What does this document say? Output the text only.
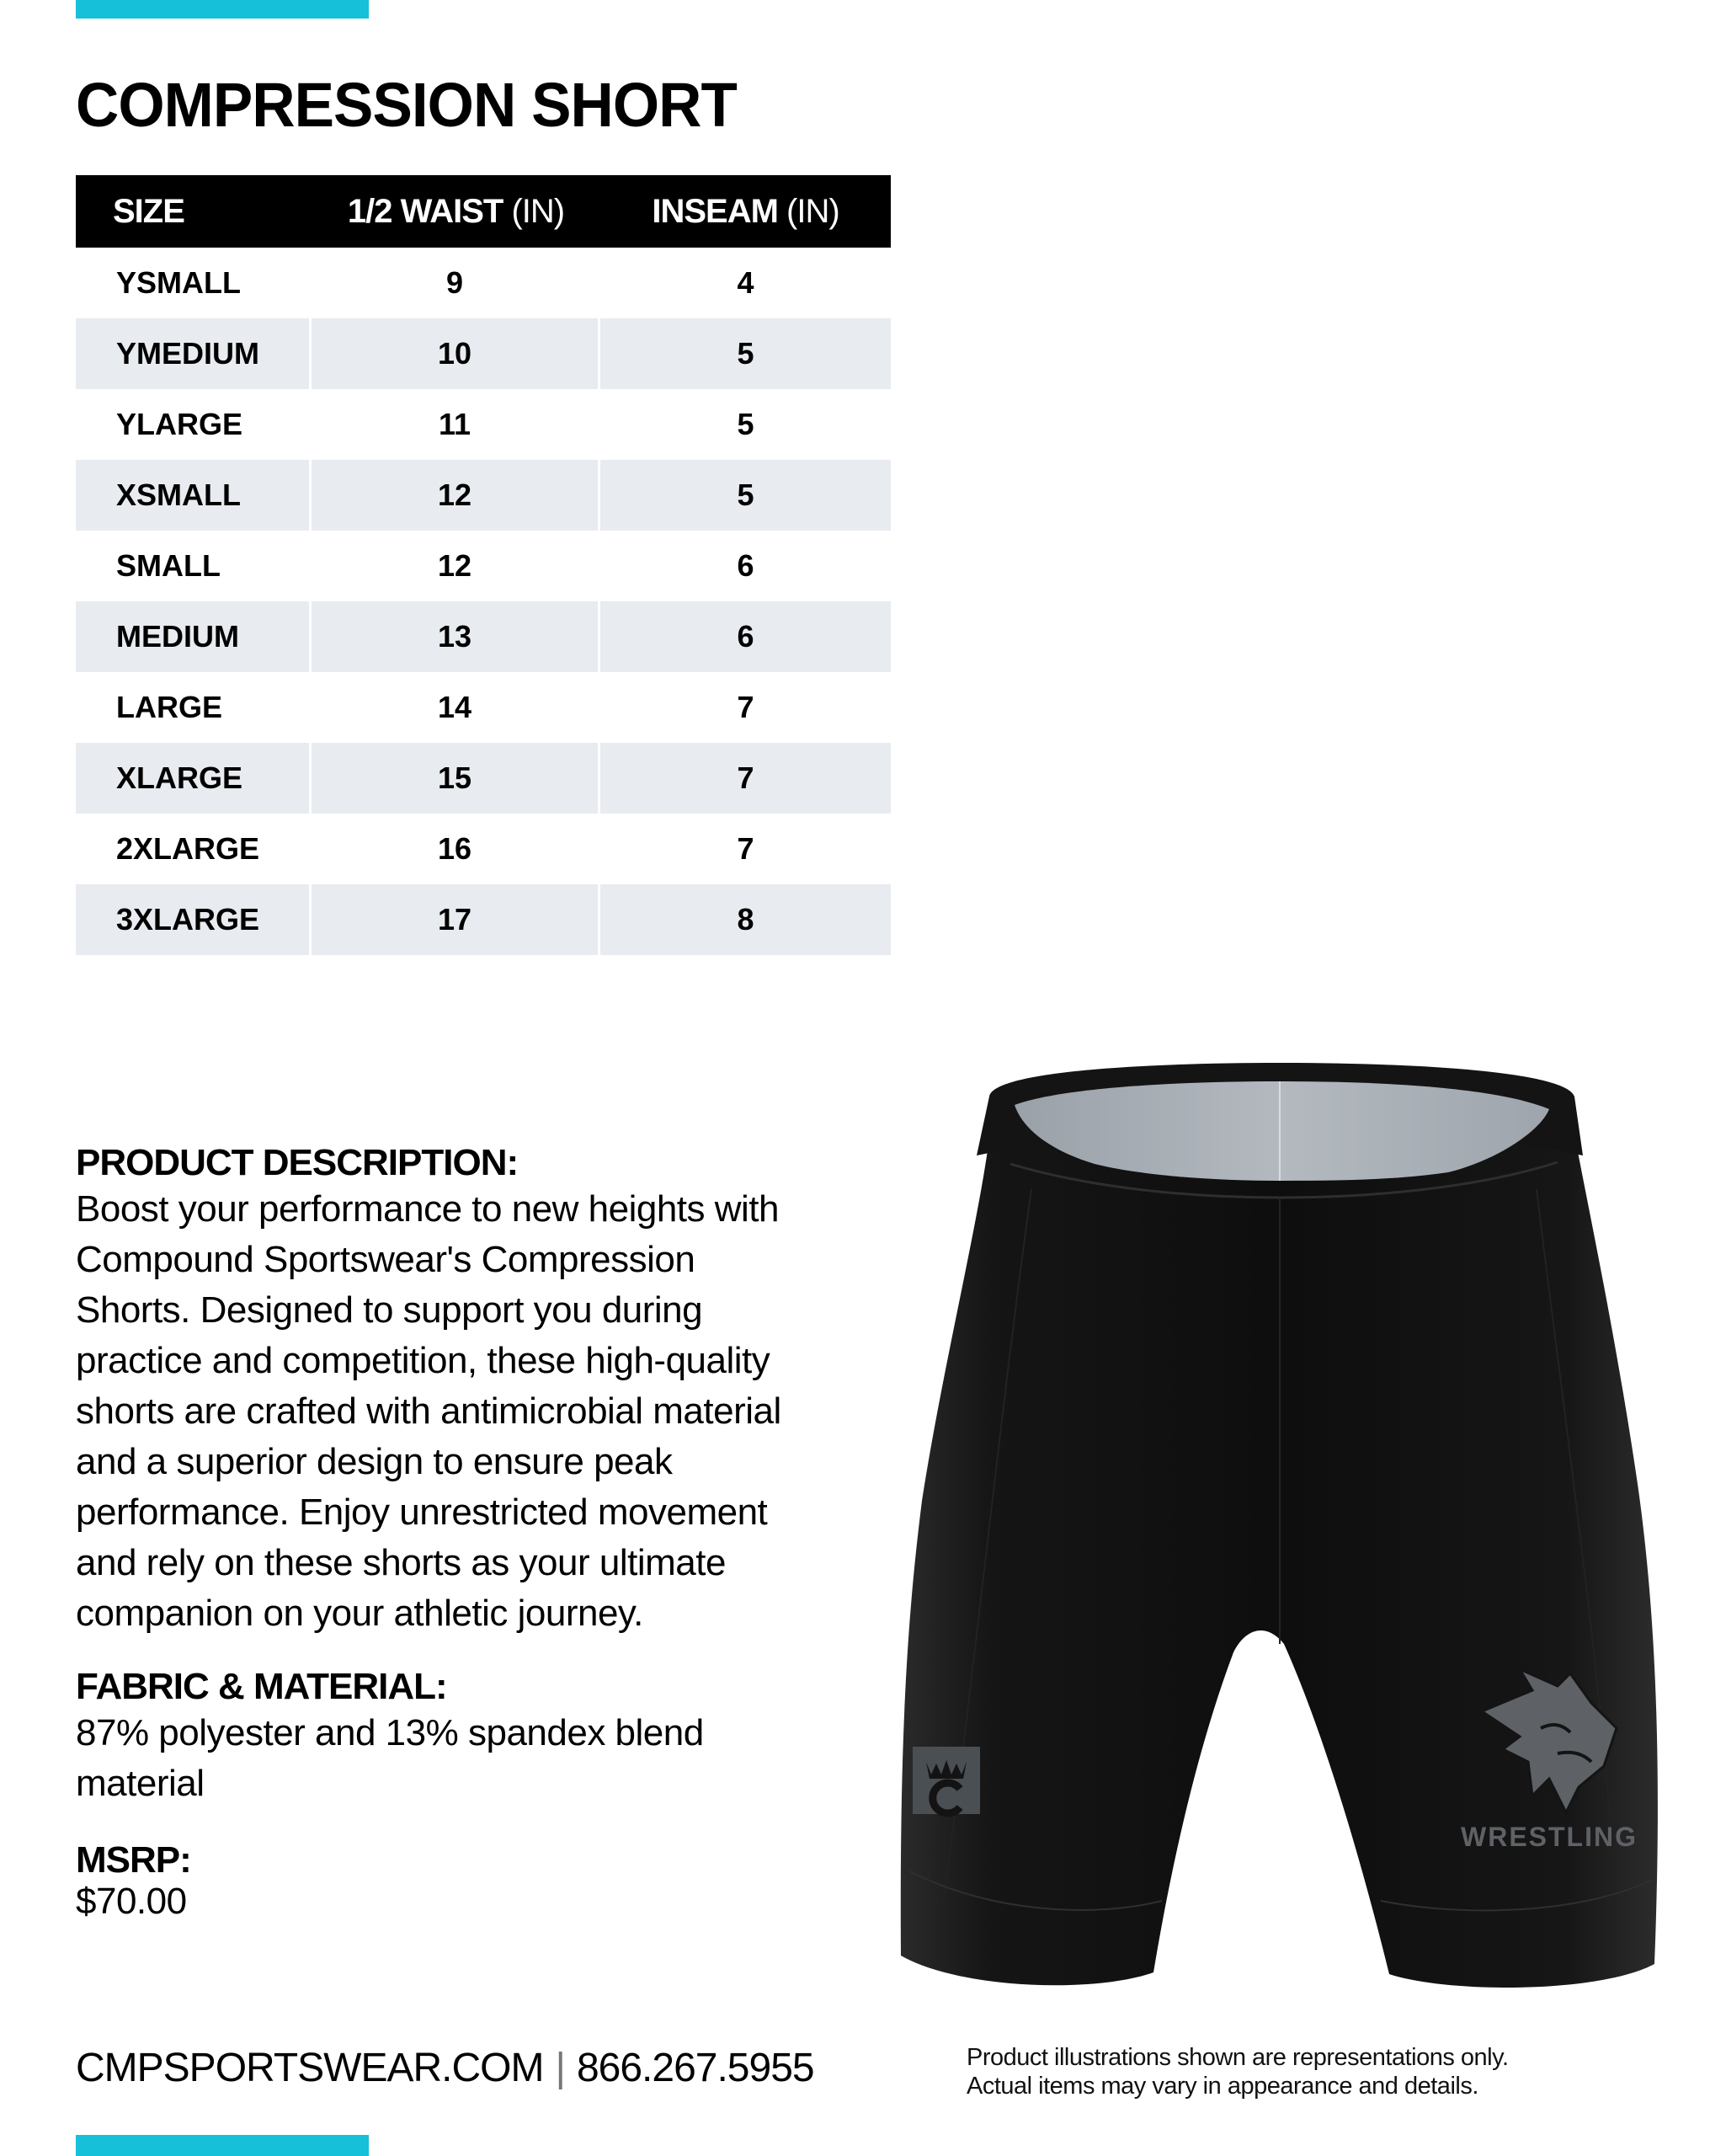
COMPRESSION SHORT
SIZE	1/2 WAIST (IN)	INSEAM (IN)
YSMALL	9	4
YMEDIUM	10	5
YLARGE	11	5
XSMALL	12	5
SMALL	12	6
MEDIUM	13	6
LARGE	14	7
XLARGE	15	7
2XLARGE	16	7
3XLARGE	17	8
PRODUCT DESCRIPTION:

Boost your performance to new heights with

Compound Sportswear's Compression

Shorts. Designed to support you during

practice and competition, these high-quality

shorts are crafted with antimicrobial material

and a superior design to ensure peak

performance. Enjoy unrestricted movement

and rely on these shorts as your ultimate

companion on your athletic journey.

FABRIC & MATERIAL:

87% polyester and 13% spandex blend

material

MSRP:

$70.00

WRESTLING
CMPSPORTSWEAR.COM | 866.267.5955	Product illustrations shown are representations only.
Actual items may vary in appearance and details.
